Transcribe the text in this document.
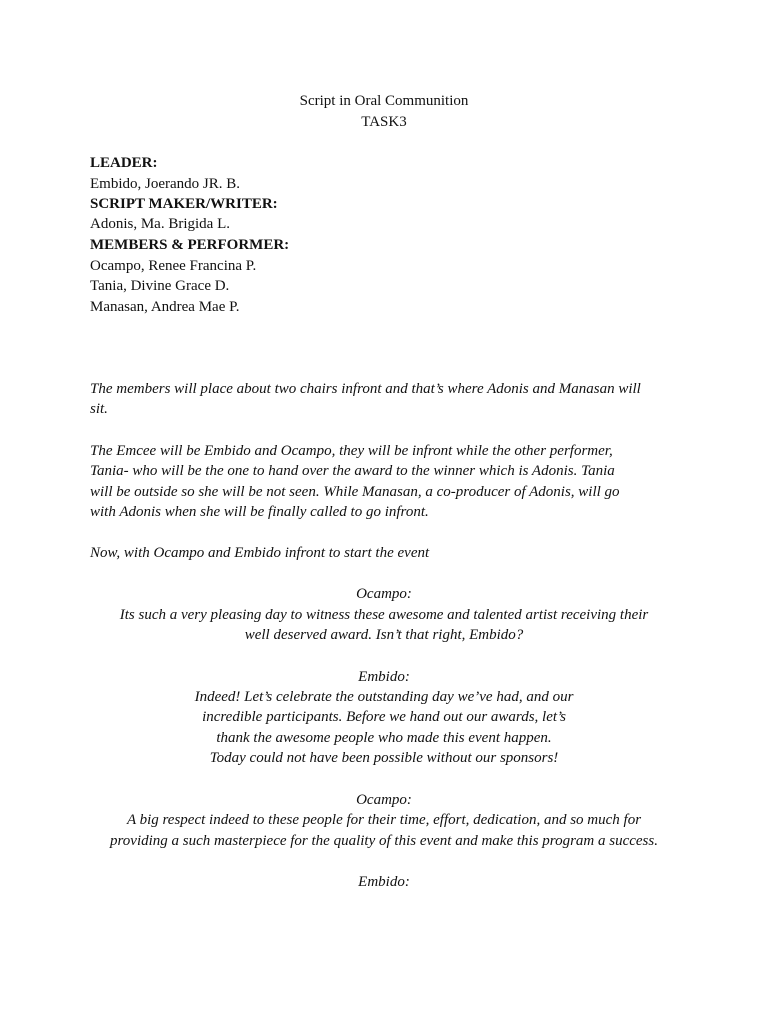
Script in Oral Communition
TASK3
LEADER:
Embido, Joerando JR. B.
SCRIPT MAKER/WRITER:
Adonis, Ma. Brigida L.
MEMBERS & PERFORMER:
Ocampo, Renee Francina P.
Tania, Divine Grace D.
Manasan, Andrea Mae P.
The members will place about two chairs infront and that’s where Adonis and Manasan will
sit.
The Emcee will be Embido and Ocampo, they will be infront while the other performer,
Tania- who will be the one to hand over the award to the winner which is Adonis. Tania
will be outside so she will be not seen. While Manasan, a co-producer of Adonis, will go
with Adonis when she will be finally called to go infront.
Now, with Ocampo and Embido infront to start the event
Ocampo:
Its such a very pleasing day to witness these awesome and talented artist receiving their
well deserved award. Isn’t that right, Embido?
Embido:
Indeed! Let’s celebrate the outstanding day we’ve had, and our
incredible participants. Before we hand out our awards, let’s
thank the awesome people who made this event happen.
Today could not have been possible without our sponsors!
Ocampo:
A big respect indeed to these people for their time, effort, dedication, and so much for
providing a such masterpiece for the quality of this event and make this program a success.
Embido:
